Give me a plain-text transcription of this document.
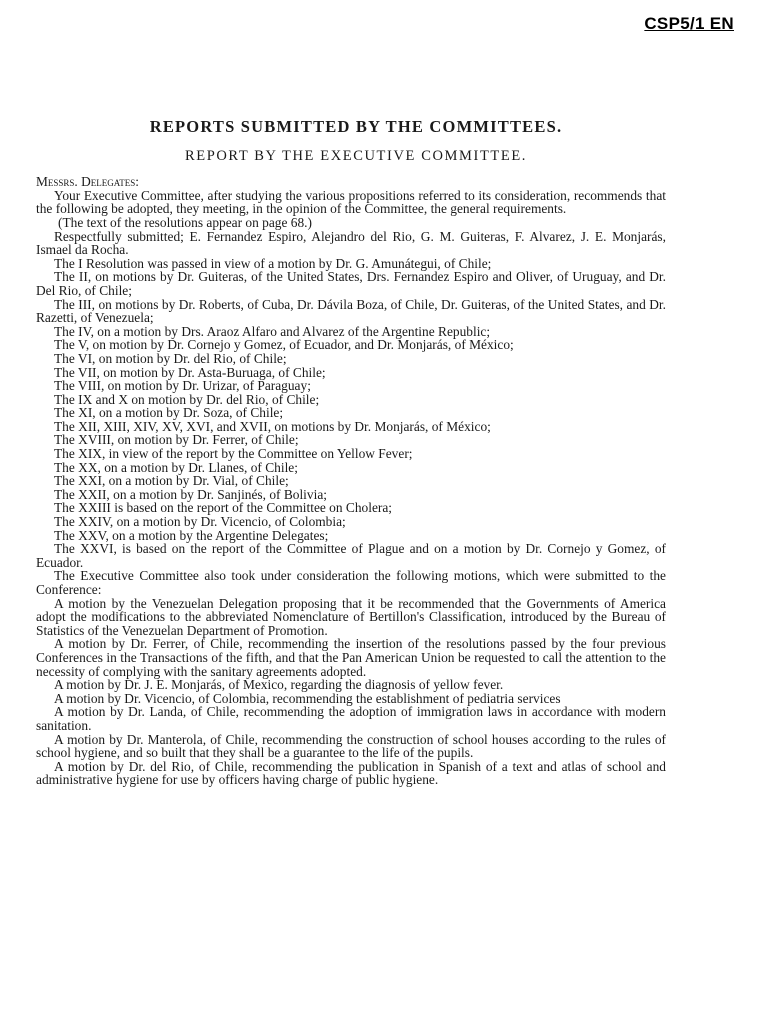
CSP5/1 EN
REPORTS SUBMITTED BY THE COMMITTEES.
REPORT BY THE EXECUTIVE COMMITTEE.

Messrs. Delegates:

Your Executive Committee, after studying the various propositions referred to its consideration, recommends that the following be adopted, they meeting, in the opinion of the Committee, the general requirements.

(The text of the resolutions appear on page 68.)

Respectfully submitted; E. Fernandez Espiro, Alejandro del Rio, G. M. Guiteras, F. Alvarez, J. E. Monjarás, Ismael da Rocha.

The I Resolution was passed in view of a motion by Dr. G. Amunátegui, of Chile;

The II, on motions by Dr. Guiteras, of the United States, Drs. Fernandez Espiro and Oliver, of Uruguay, and Dr. Del Rio, of Chile;

The III, on motions by Dr. Roberts, of Cuba, Dr. Dávila Boza, of Chile, Dr. Guiteras, of the United States, and Dr. Razetti, of Venezuela;

The IV, on a motion by Drs. Araoz Alfaro and Alvarez of the Argentine Republic;

The V, on motion by Dr. Cornejo y Gomez, of Ecuador, and Dr. Monjarás, of México;

The VI, on motion by Dr. del Rio, of Chile;

The VII, on motion by Dr. Asta-Buruaga, of Chile;

The VIII, on motion by Dr. Urizar, of Paraguay;

The IX and X on motion by Dr. del Rio, of Chile;

The XI, on a motion by Dr. Soza, of Chile;

The XII, XIII, XIV, XV, XVI, and XVII, on motions by Dr. Monjarás, of México;

The XVIII, on motion by Dr. Ferrer, of Chile;

The XIX, in view of the report by the Committee on Yellow Fever;

The XX, on a motion by Dr. Llanes, of Chile;

The XXI, on a motion by Dr. Vial, of Chile;

The XXII, on a motion by Dr. Sanjinés, of Bolivia;

The XXIII is based on the report of the Committee on Cholera;

The XXIV, on a motion by Dr. Vicencio, of Colombia;

The XXV, on a motion by the Argentine Delegates;

The XXVI, is based on the report of the Committee of Plague and on a motion by Dr. Cornejo y Gomez, of Ecuador.

The Executive Committee also took under consideration the following motions, which were submitted to the Conference:

A motion by the Venezuelan Delegation proposing that it be recommended that the Governments of America adopt the modifications to the abbreviated Nomenclature of Bertillon's Classification, introduced by the Bureau of Statistics of the Venezuelan Department of Promotion.

A motion by Dr. Ferrer, of Chile, recommending the insertion of the resolutions passed by the four previous Conferences in the Transactions of the fifth, and that the Pan American Union be requested to call the attention to the necessity of complying with the sanitary agreements adopted.

A motion by Dr. J. E. Monjarás, of Mexico, regarding the diagnosis of yellow fever.

A motion by Dr. Vicencio, of Colombia, recommending the establishment of pediatria services

A motion by Dr. Landa, of Chile, recommending the adoption of immigration laws in accordance with modern sanitation.

A motion by Dr. Manterola, of Chile, recommending the construction of school houses according to the rules of school hygiene, and so built that they shall be a guarantee to the life of the pupils.

A motion by Dr. del Rio, of Chile, recommending the publication in Spanish of a text and atlas of school and administrative hygiene for use by officers having charge of public hygiene.
